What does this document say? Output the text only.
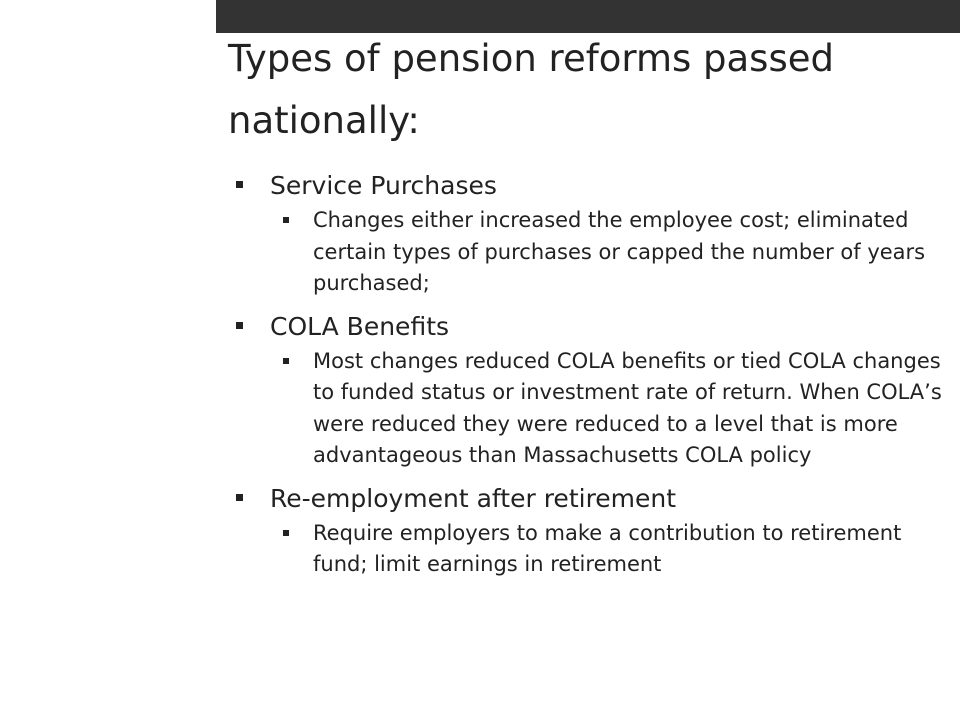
Types of pension reforms passed nationally:
Service Purchases
Changes either increased the employee cost; eliminated certain types of purchases or capped the number of years purchased;
COLA Benefits
Most changes reduced COLA benefits or tied COLA changes to funded status or investment rate of return. When COLA’s were reduced they were reduced to a level that is more advantageous than Massachusetts COLA policy
Re-employment after retirement
Require employers to make a contribution to retirement fund; limit earnings in retirement
